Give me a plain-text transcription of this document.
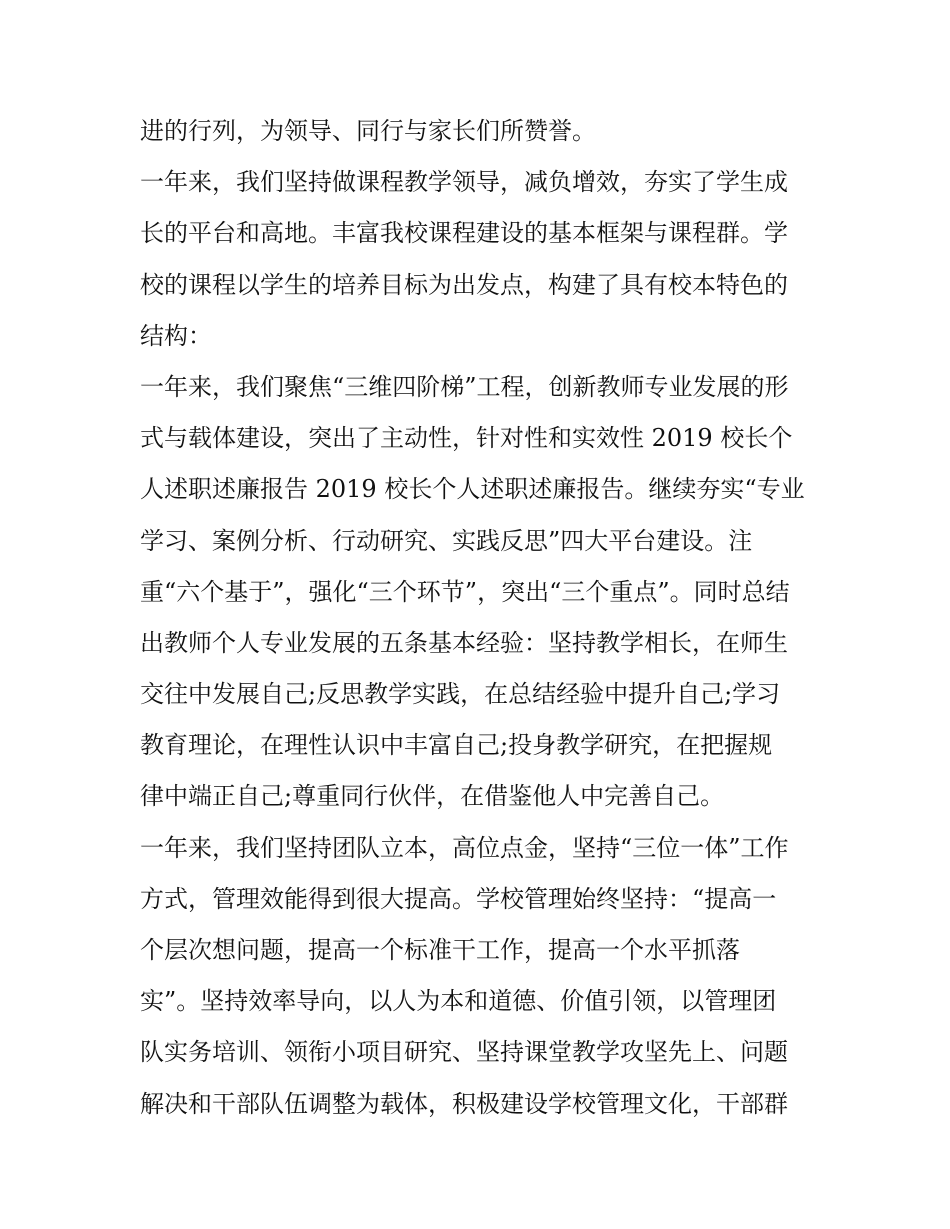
进的行列，为领导、同行与家长们所赞誉。
一年来，我们坚持做课程教学领导，减负增效，夯实了学生成
长的平台和高地。丰富我校课程建设的基本框架与课程群。学
校的课程以学生的培养目标为出发点，构建了具有校本特色的
结构：
一年来，我们聚焦“三维四阶梯”工程，创新教师专业发展的形
式与载体建设，突出了主动性，针对性和实效性 2019 校长个
人述职述廉报告 2019 校长个人述职述廉报告。继续夯实“专业
学习、案例分析、行动研究、实践反思”四大平台建设。注
重“六个基于”，强化“三个环节”，突出“三个重点”。同时总结
出教师个人专业发展的五条基本经验：坚持教学相长，在师生
交往中发展自己;反思教学实践，在总结经验中提升自己;学习
教育理论，在理性认识中丰富自己;投身教学研究，在把握规
律中端正自己;尊重同行伙伴，在借鉴他人中完善自己。
一年来，我们坚持团队立本，高位点金，坚持“三位一体”工作
方式，管理效能得到很大提高。学校管理始终坚持：“提高一
个层次想问题，提高一个标准干工作，提高一个水平抓落
实”。坚持效率导向，以人为本和道德、价值引领，以管理团
队实务培训、领衔小项目研究、坚持课堂教学攻坚先上、问题
解决和干部队伍调整为载体，积极建设学校管理文化，干部群
